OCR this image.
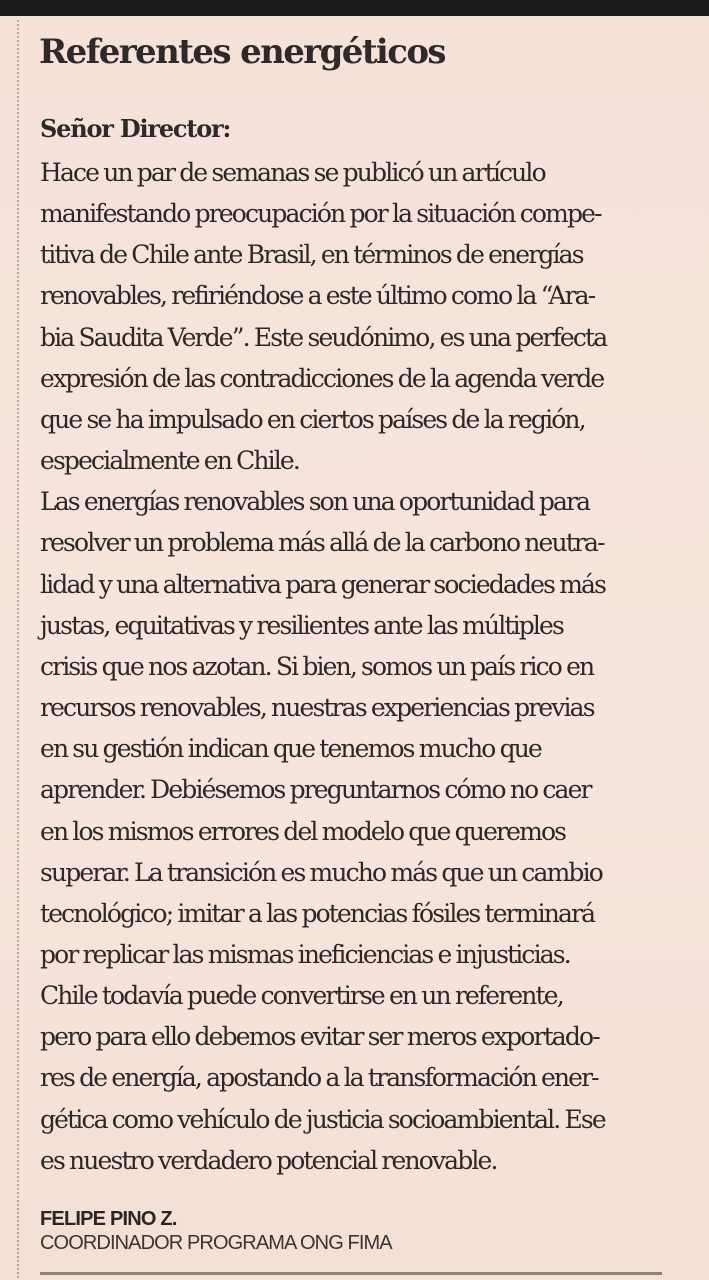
Referentes energéticos

Señor Director:

Hace un par de semanas se publicó un artículo
manifestando preocupación por la situación compe-
titiva de Chile ante Brasil, en términos de energías
renovables, refiriéndose a este último como la “Ara-
bia Saudita Verde”. Este seudónimo, es una perfecta
expresión de las contradicciones de la agenda verde
que se ha impulsado en ciertos países de la región,
especialmente en Chile.
Las energías renovables son una oportunidad para
resolver un problema más allá de la carbono neutra-
lidad y una alternativa para generar sociedades más
justas, equitativas y resilientes ante las múltiples
crisis que nos azotan. Si bien, somos un país rico en
recursos renovables, nuestras experiencias previas
en su gestión indican que tenemos mucho que
aprender. Debiésemos preguntarnos cómo no caer
en los mismos errores del modelo que queremos
superar. La transición es mucho más que un cambio
tecnológico; imitar a las potencias fósiles terminará
por replicar las mismas ineficiencias e injusticias.
Chile todavía puede convertirse en un referente,
pero para ello debemos evitar ser meros exportado-
res de energía, apostando a la transformación ener-
gética como vehículo de justicia socioambiental. Ese
es nuestro verdadero potencial renovable.

FELIPE PINO Z.

COORDINADOR PROGRAMA ONG FIMA
